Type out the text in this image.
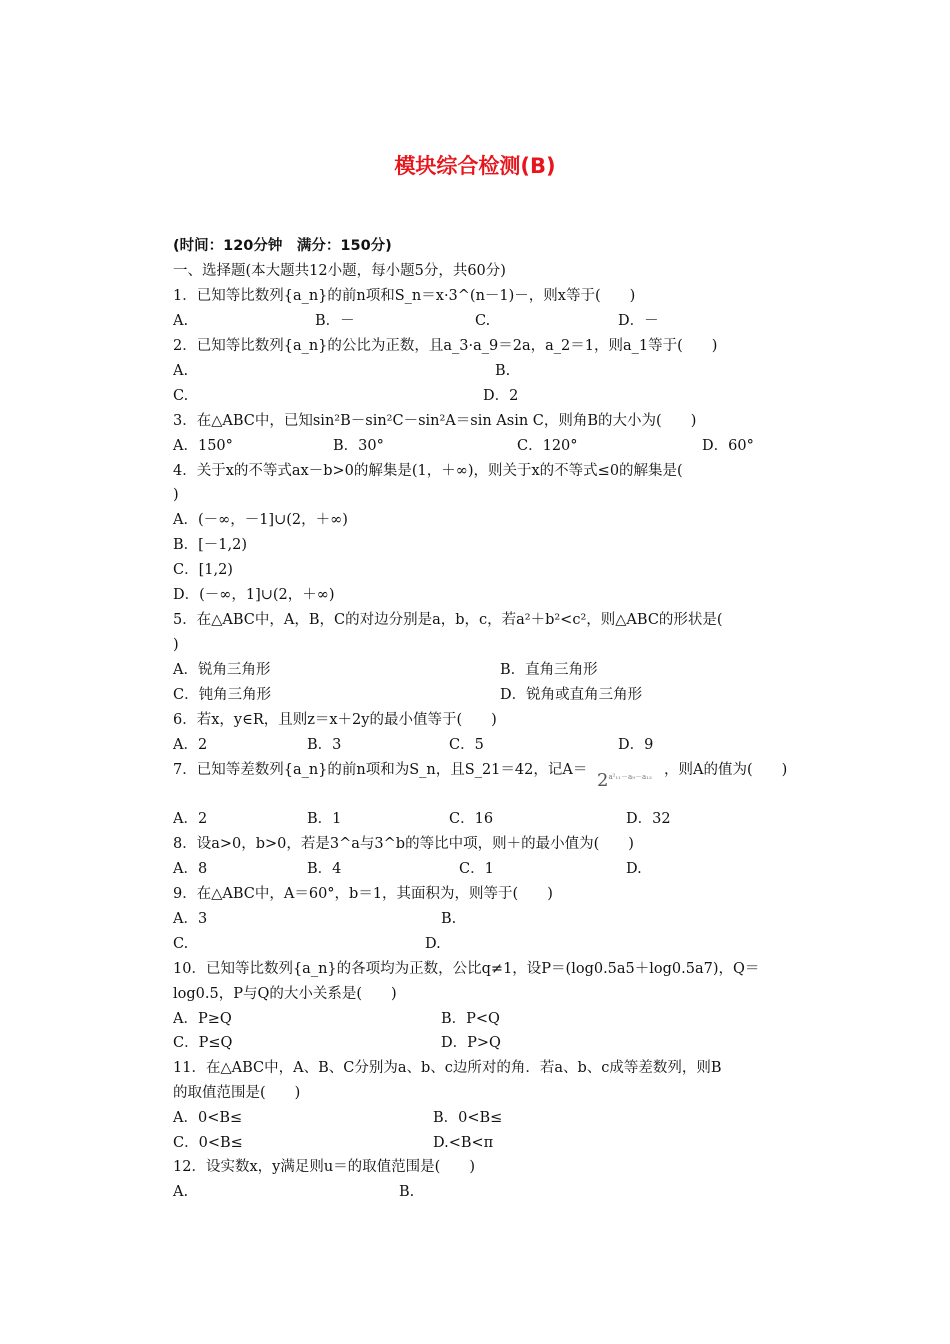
模块综合检测(B)
(时间：120分钟　满分：150分)
一、选择题(本大题共12小题，每小题5分，共60分)
1．已知等比数列{a_n}的前n项和S_n＝x·3^(n－1)－，则x等于(　　)
A.	B．－	C.	D．－
2．已知等比数列{a_n}的公比为正数，且a_3·a_9＝2a，a_2＝1，则a_1等于(　　)
A.	B.
C.	D．2
3．在△ABC中，已知sin²B－sin²C－sin²A＝sin Asin C，则角B的大小为(　　)
A．150°	B．30°	C．120°	D．60°
4．关于x的不等式ax－b>0的解集是(1，＋∞)，则关于x的不等式≤0的解集是(
)
A．(－∞，－1]∪(2，＋∞)
B．[－1,2)
C．[1,2)
D．(－∞，1]∪(2，＋∞)
5．在△ABC中，A，B，C的对边分别是a，b，c，若a²＋b²<c²，则△ABC的形状是(
)
A．锐角三角形	B．直角三角形
C．钝角三角形	D．锐角或直角三角形
6．若x，y∈R，且则z＝x＋2y的最小值等于(　　)
A．2	B．3	C．5	D．9
7．已知等差数列{a_n}的前n项和为S_n，且S_21＝42，记$A= 2^{a^2_{11}-a_9-a_{13}}$ ，则A的值为(　　)
A．2	B．1	C．16	D．32
8．设a>0，b>0，若是3^a与3^b的等比中项，则＋的最小值为(　　)
A．8	B．4	C．1	D.
9．在△ABC中，A＝60°，b＝1，其面积为，则等于(　　)
A．3	B.
C.	D.
10．已知等比数列{a_n}的各项均为正数，公比q≠1，设P＝(log0.5a5＋log0.5a7)，Q＝
log0.5，P与Q的大小关系是(　　)
A．P≥Q	B．P<Q
C．P≤Q	D．P>Q
11．在△ABC中，A、B、C分别为a、b、c边所对的角．若a、b、c成等差数列，则B
的取值范围是(　　)
A．0<B≤	B．0<B≤
C．0<B≤	D.<B<π
12．设实数x，y满足则u＝的取值范围是(　　)
A.	B.
